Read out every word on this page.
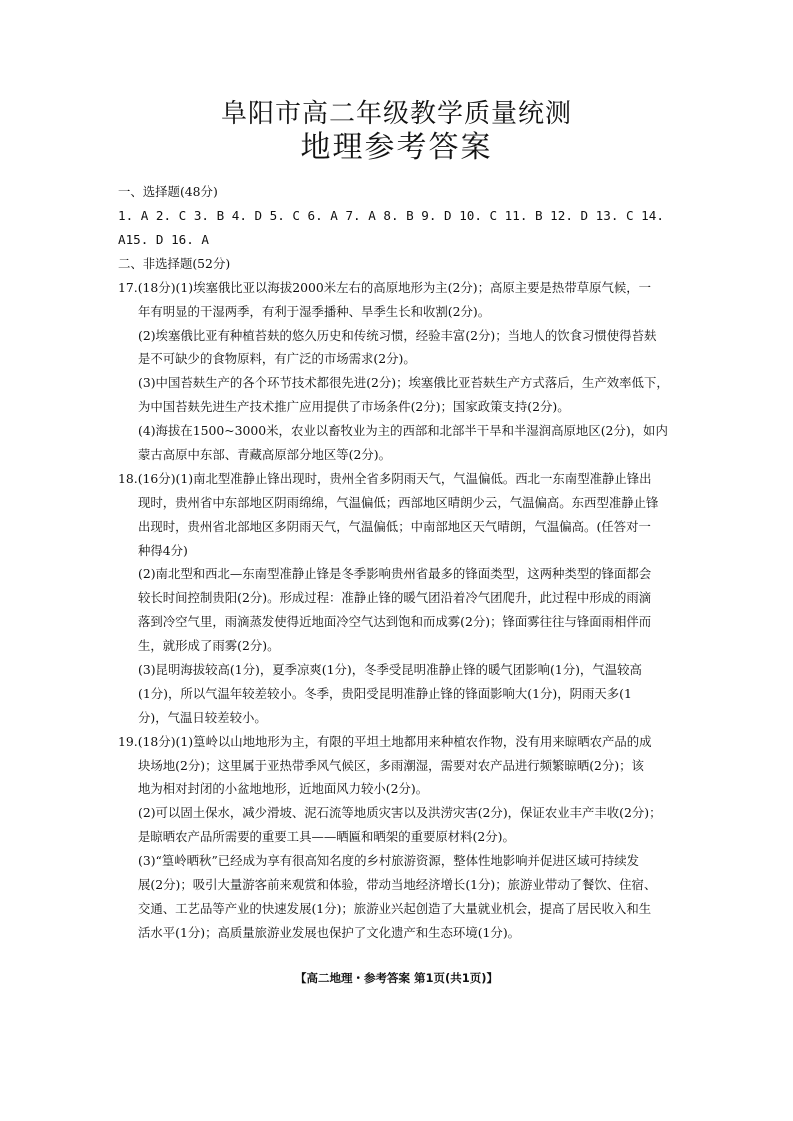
阜阳市高二年级教学质量统测
地理参考答案
一、选择题(48分)
1. A 2. C 3. B 4. D 5. C 6. A 7. A 8. B 9. D 10. C 11. B 12. D 13. C 14.
A15. D 16. A
二、非选择题(52分)
17.(18分)(1)埃塞俄比亚以海拔2000米左右的高原地形为主(2分)；高原主要是热带草原气候，一
年有明显的干湿两季，有利于湿季播种、旱季生长和收割(2分)。
(2)埃塞俄比亚有种植苔麸的悠久历史和传统习惯，经验丰富(2分)；当地人的饮食习惯使得苔麸
是不可缺少的食物原料，有广泛的市场需求(2分)。
(3)中国苔麸生产的各个环节技术都很先进(2分)；埃塞俄比亚苔麸生产方式落后，生产效率低下，
为中国苔麸先进生产技术推广应用提供了市场条件(2分)；国家政策支持(2分)。
(4)海拔在1500~3000米，农业以畜牧业为主的西部和北部半干旱和半湿润高原地区(2分)，如内
蒙古高原中东部、青藏高原部分地区等(2分)。
18.(16分)(1)南北型准静止锋出现时，贵州全省多阴雨天气，气温偏低。西北一东南型准静止锋出
现时，贵州省中东部地区阴雨绵绵，气温偏低；西部地区晴朗少云，气温偏高。东西型准静止锋
出现时，贵州省北部地区多阴雨天气，气温偏低；中南部地区天气晴朗，气温偏高。(任答对一
种得4分)
(2)南北型和西北—东南型准静止锋是冬季影响贵州省最多的锋面类型，这两种类型的锋面都会
较长时间控制贵阳(2分)。形成过程：准静止锋的暖气团沿着冷气团爬升，此过程中形成的雨滴
落到冷空气里，雨滴蒸发使得近地面冷空气达到饱和而成雾(2分)；锋面雾往往与锋面雨相伴而
生，就形成了雨雾(2分)。
(3)昆明海拔较高(1分)，夏季凉爽(1分)，冬季受昆明准静止锋的暖气团影响(1分)，气温较高
(1分)，所以气温年较差较小。冬季，贵阳受昆明准静止锋的锋面影响大(1分)，阴雨天多(1
分)，气温日较差较小。
19.(18分)(1)篁岭以山地地形为主，有限的平坦土地都用来种植农作物，没有用来晾晒农产品的成
块场地(2分)；这里属于亚热带季风气候区，多雨潮湿，需要对农产品进行频繁晾晒(2分)；该
地为相对封闭的小盆地地形，近地面风力较小(2分)。
(2)可以固土保水，减少滑坡、泥石流等地质灾害以及洪涝灾害(2分)，保证农业丰产丰收(2分)；
是晾晒农产品所需要的重要工具——晒匾和晒架的重要原材料(2分)。
(3)“篁岭晒秋”已经成为享有很高知名度的乡村旅游资源，整体性地影响并促进区域可持续发
展(2分)；吸引大量游客前来观赏和体验，带动当地经济增长(1分)；旅游业带动了餐饮、住宿、
交通、工艺品等产业的快速发展(1分)；旅游业兴起创造了大量就业机会，提高了居民收入和生
活水平(1分)；高质量旅游业发展也保护了文化遗产和生态环境(1分)。
【高二地理・参考答案 第1页(共1页)】
